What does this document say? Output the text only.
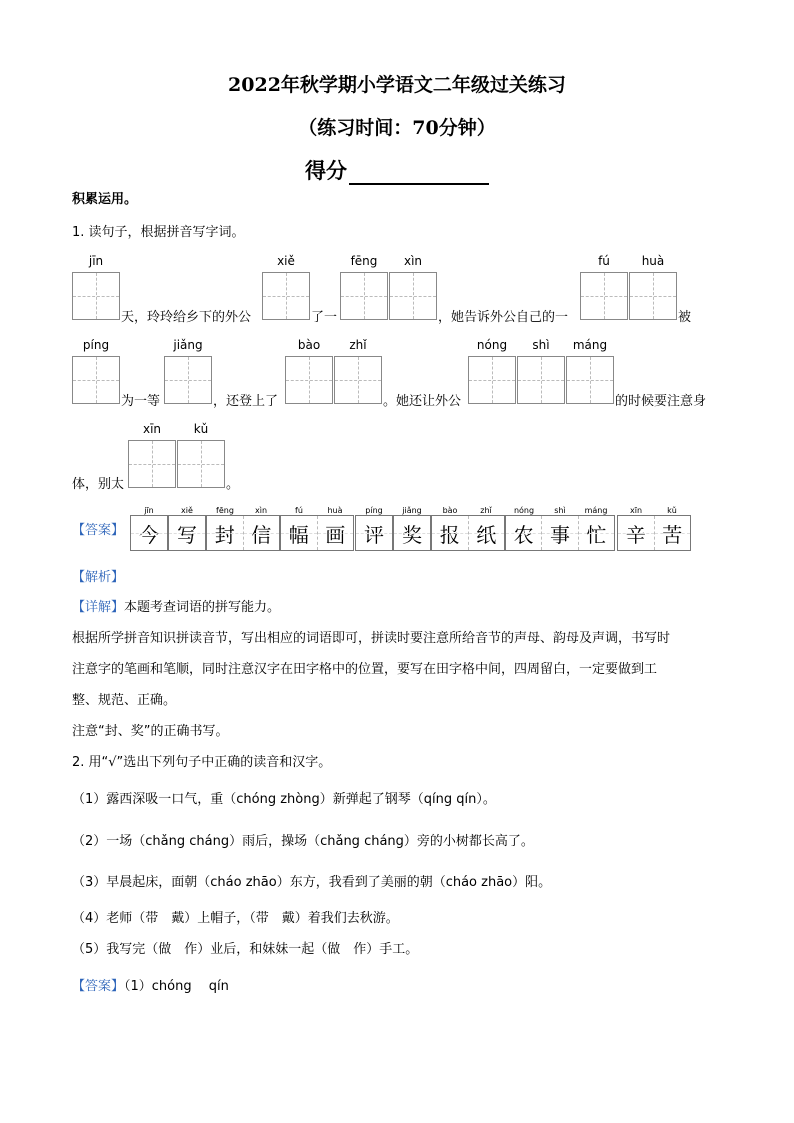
2022年秋学期小学语文二年级过关练习
（练习时间：70分钟）
得分
积累运用。
1. 读句子，根据拼音写字词。
jīn
天，玲玲给乡下的外公
xiě
了一
fēng	xìn
，她告诉外公自己的一
fú	huà
被
píng
为一等
jiǎng
，还登上了
bào	zhǐ
。她还让外公
nóng	shì	máng
的时候要注意身
体，别太
xīn	kǔ
。
【答案】
jīn
今
xiě
写
fēng	xìn
封 信
fú	huà
幅 画
píng
评
jiǎng
奖
bào	zhǐ
报 纸
nóng	shì	máng
农 事 忙
xīn	kǔ
辛 苦
【解析】
【详解】本题考查词语的拼写能力。
根据所学拼音知识拼读音节，写出相应的词语即可，拼读时要注意所给音节的声母、韵母及声调，书写时
注意字的笔画和笔顺，同时注意汉字在田字格中的位置，要写在田字格中间，四周留白，一定要做到工
整、规范、正确。
注意“封、奖”的正确书写。
2. 用“√”选出下列句子中正确的读音和汉字。
（1）露西深吸一口气，重（chóng zhòng）新弹起了钢琴（qíng qín）。
（2）一场（chǎng cháng）雨后，操场（chǎng cháng）旁的小树都长高了。
（3）早晨起床，面朝（cháo zhāo）东方，我看到了美丽的朝（cháo zhāo）阳。
（4）老师（带　戴）上帽子，（带　戴）着我们去秋游。
（5）我写完（做　作）业后，和妹妹一起（做　作）手工。
【答案】（1）chóng　 qín
